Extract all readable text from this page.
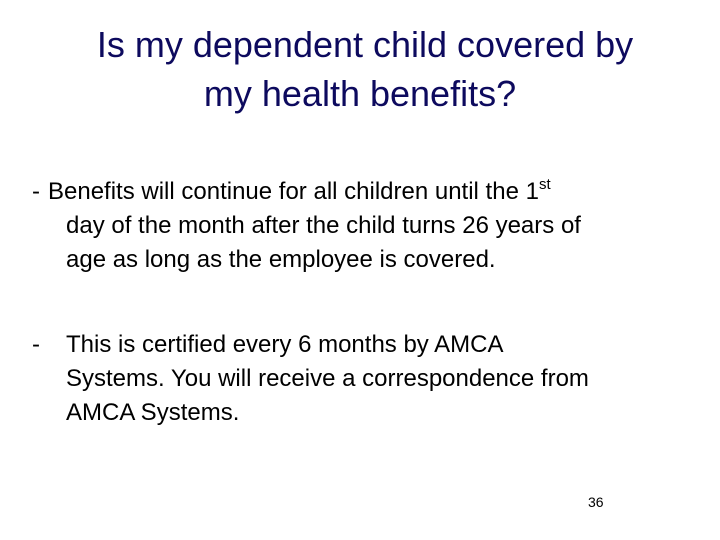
Is my dependent child covered by
my health benefits?
- Benefits will continue for all children until the 1st
day of the month after the child turns 26 years of
age as long as the employee is covered.
-	This is certified every 6 months by AMCA
Systems. You will receive a correspondence from
AMCA Systems.
36
